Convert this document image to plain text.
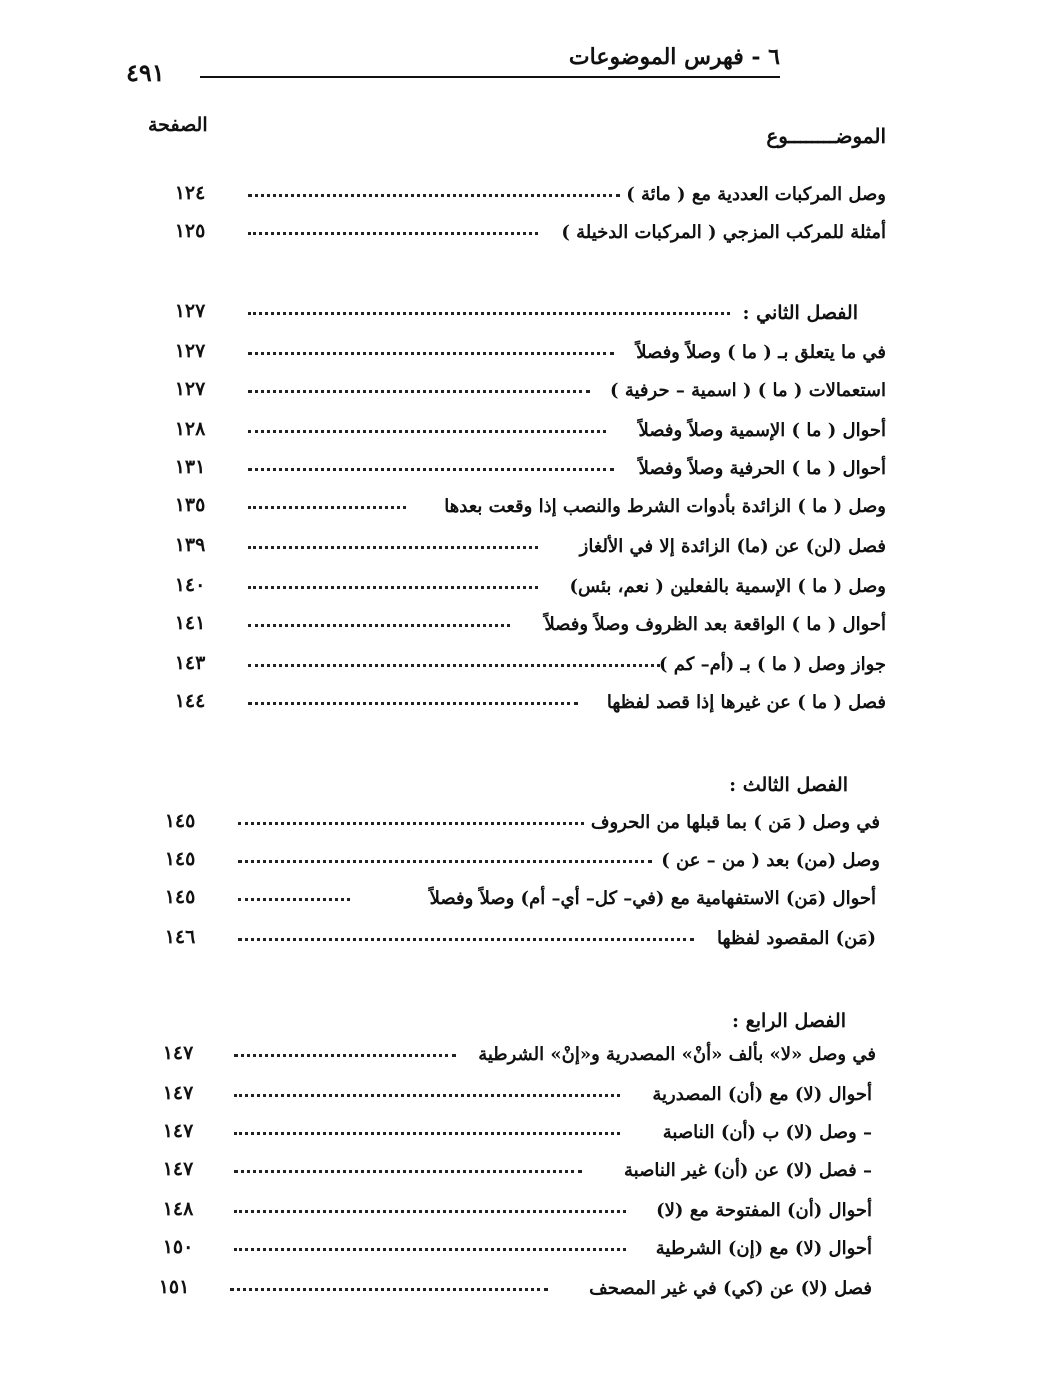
٦ - فهرس الموضوعات
٤٩١
الموضــــــــوع
الصفحة
١٢٤	وصل المركبات العددية مع ( مائة )
١٢٥	أمثلة للمركب المزجي ( المركبات الدخيلة )
١٢٧	الفصل الثاني :
١٢٧	في ما يتعلق بـ ( ما ) وصلاً وفصلاً
١٢٧	استعمالات ( ما ) ( اسمية – حرفية )
١٢٨	أحوال ( ما ) الإسمية وصلاً وفصلاً
١٣١	أحوال ( ما ) الحرفية وصلاً وفصلاً
١٣٥	وصل ( ما ) الزائدة بأدوات الشرط والنصب إذا وقعت بعدها
١٣٩	فصل (لن) عن (ما) الزائدة إلا في الألغاز
١٤٠	وصل ( ما ) الإسمية بالفعلين ( نعم، بئس)
١٤١	أحوال ( ما ) الواقعة بعد الظروف وصلاً وفصلاً
١٤٣	جواز وصل ( ما ) بـ (أم– كم )
١٤٤	فصل ( ما ) عن غيرها إذا قصد لفظها
الفصل الثالث :
١٤٥	في وصل ( مَن ) بما قبلها من الحروف
١٤٥	وصل (من) بعد ( من – عن )
١٤٥	أحوال (مَن) الاستفهامية مع (في– كل– أي– أم) وصلاً وفصلاً
١٤٦	(مَن) المقصود لفظها
الفصل الرابع :
١٤٧	في وصل «لا» بألف «أنْ» المصدرية و«إنْ» الشرطية
١٤٧	أحوال (لا) مع (أن) المصدرية
١٤٧	– وصل (لا) ب (أن) الناصبة
١٤٧	– فصل (لا) عن (أن) غير الناصبة
١٤٨	أحوال (أن) المفتوحة مع (لا)
١٥٠	أحوال (لا) مع (إن) الشرطية
١٥١	فصل (لا) عن (كي) في غير المصحف
